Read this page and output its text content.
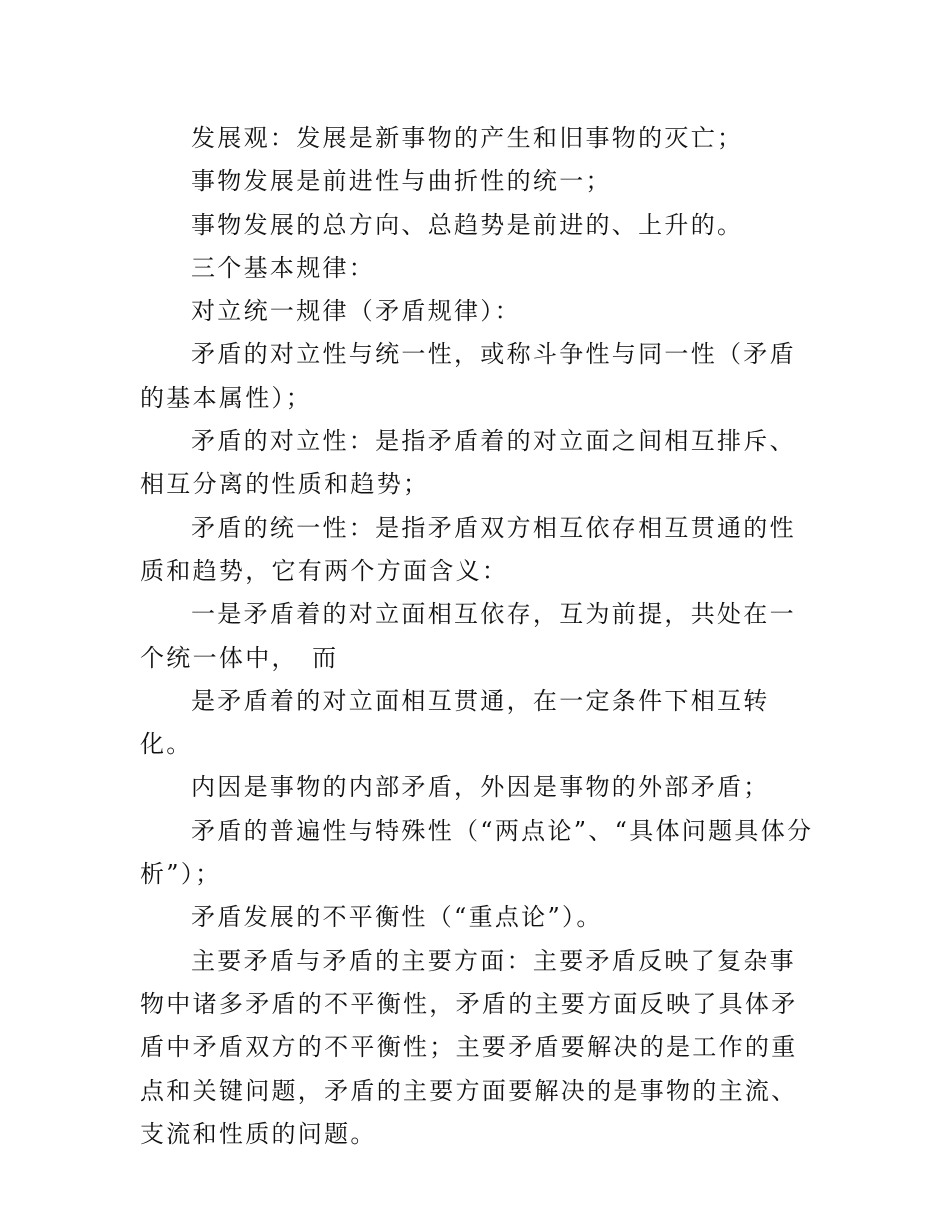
发展观：发展是新事物的产生和旧事物的灭亡；

事物发展是前进性与曲折性的统一；

事物发展的总方向、总趋势是前进的、上升的。

三个基本规律：

对立统一规律（矛盾规律）：

矛盾的对立性与统一性，或称斗争性与同一性（矛盾的基本属性）；

矛盾的对立性：是指矛盾着的对立面之间相互排斥、相互分离的性质和趋势；

矛盾的统一性：是指矛盾双方相互依存相互贯通的性质和趋势，它有两个方面含义：

一是矛盾着的对立面相互依存，互为前提，共处在一个统一体中，　而

是矛盾着的对立面相互贯通，在一定条件下相互转化。

内因是事物的内部矛盾，外因是事物的外部矛盾；

矛盾的普遍性与特殊性（“两点论”、“具体问题具体分析”）；

矛盾发展的不平衡性（“重点论”）。

主要矛盾与矛盾的主要方面：主要矛盾反映了复杂事物中诸多矛盾的不平衡性，矛盾的主要方面反映了具体矛盾中矛盾双方的不平衡性；主要矛盾要解决的是工作的重点和关键问题，矛盾的主要方面要解决的是事物的主流、支流和性质的问题。
